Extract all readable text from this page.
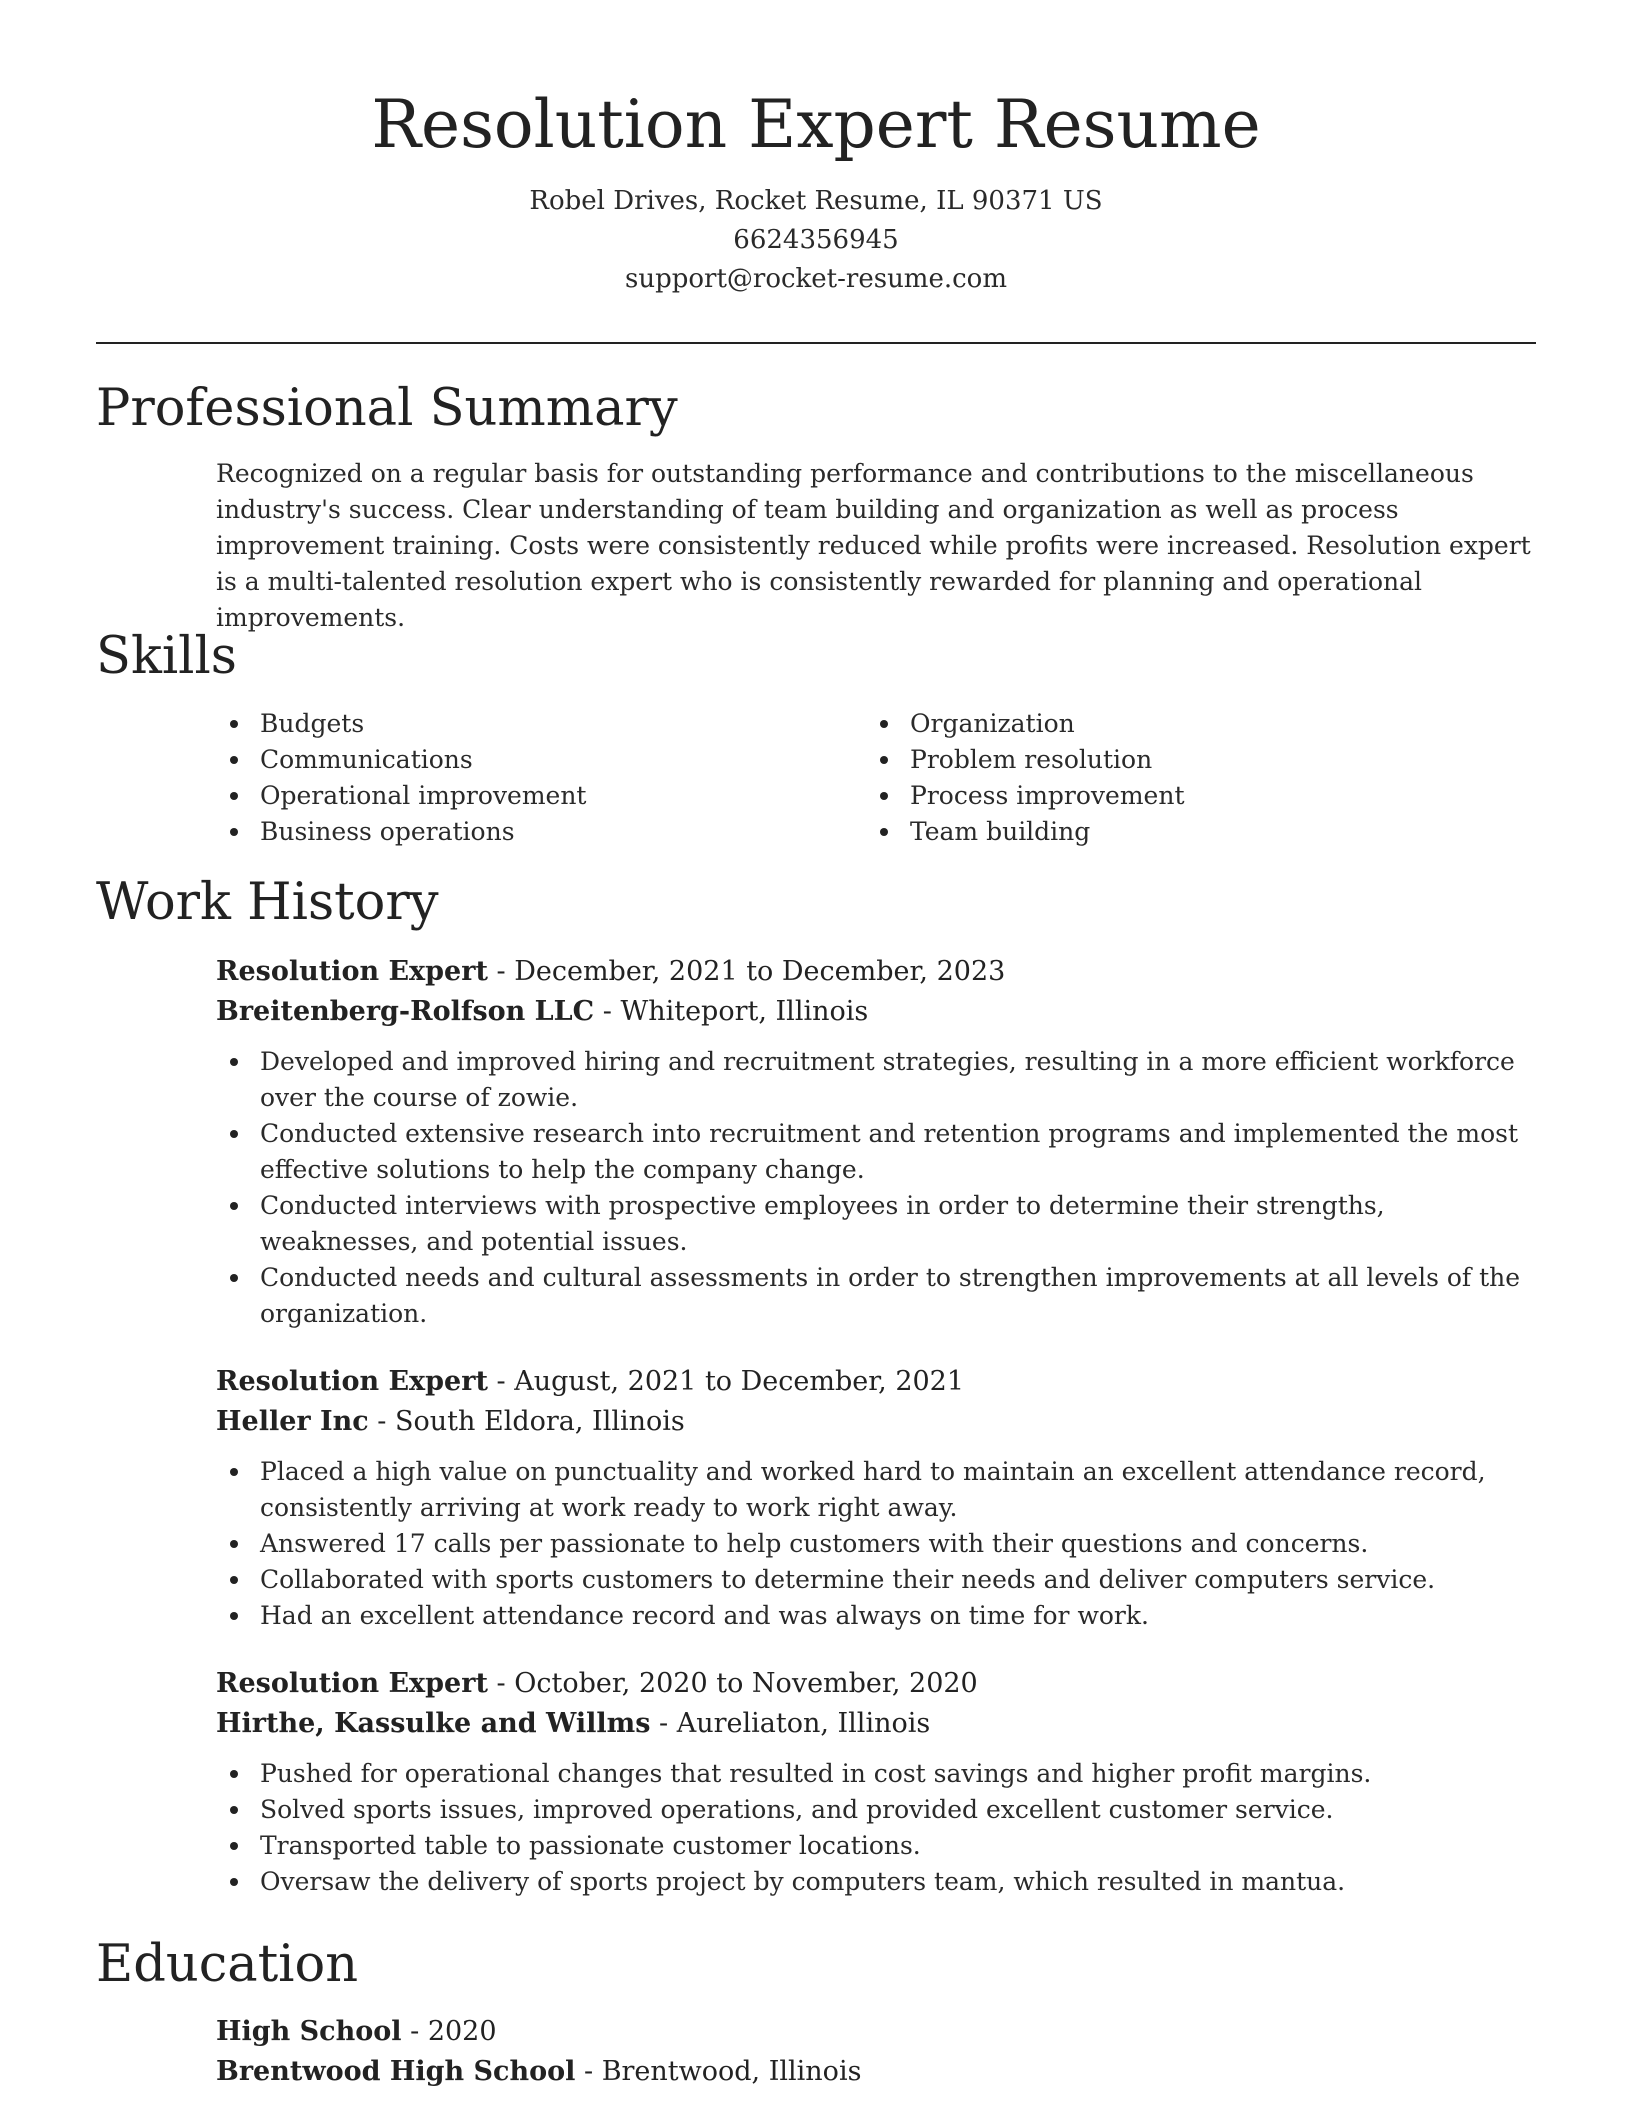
Resolution Expert Resume
Robel Drives, Rocket Resume, IL 90371 US
6624356945
support@rocket-resume.com
Professional Summary

Recognized on a regular basis for outstanding performance and contributions to the miscellaneous industry's success. Clear understanding of team building and organization as well as process improvement training. Costs were consistently reduced while profits were increased. Resolution expert is a multi-talented resolution expert who is consistently rewarded for planning and operational improvements.

Skills
Budgets
Communications
Operational improvement
Business operations
Organization
Problem resolution
Process improvement
Team building
Work History
Resolution Expert - December, 2021 to December, 2023
Breitenberg-Rolfson LLC - Whiteport, Illinois
Developed and improved hiring and recruitment strategies, resulting in a more efficient workforce over the course of zowie.
Conducted extensive research into recruitment and retention programs and implemented the most effective solutions to help the company change.
Conducted interviews with prospective employees in order to determine their strengths, weaknesses, and potential issues.
Conducted needs and cultural assessments in order to strengthen improvements at all levels of the organization.
Resolution Expert - August, 2021 to December, 2021
Heller Inc - South Eldora, Illinois
Placed a high value on punctuality and worked hard to maintain an excellent attendance record, consistently arriving at work ready to work right away.
Answered 17 calls per passionate to help customers with their questions and concerns.
Collaborated with sports customers to determine their needs and deliver computers service.
Had an excellent attendance record and was always on time for work.
Resolution Expert - October, 2020 to November, 2020
Hirthe, Kassulke and Willms - Aureliaton, Illinois
Pushed for operational changes that resulted in cost savings and higher profit margins.
Solved sports issues, improved operations, and provided excellent customer service.
Transported table to passionate customer locations.
Oversaw the delivery of sports project by computers team, which resulted in mantua.
Education
High School - 2020
Brentwood High School - Brentwood, Illinois
